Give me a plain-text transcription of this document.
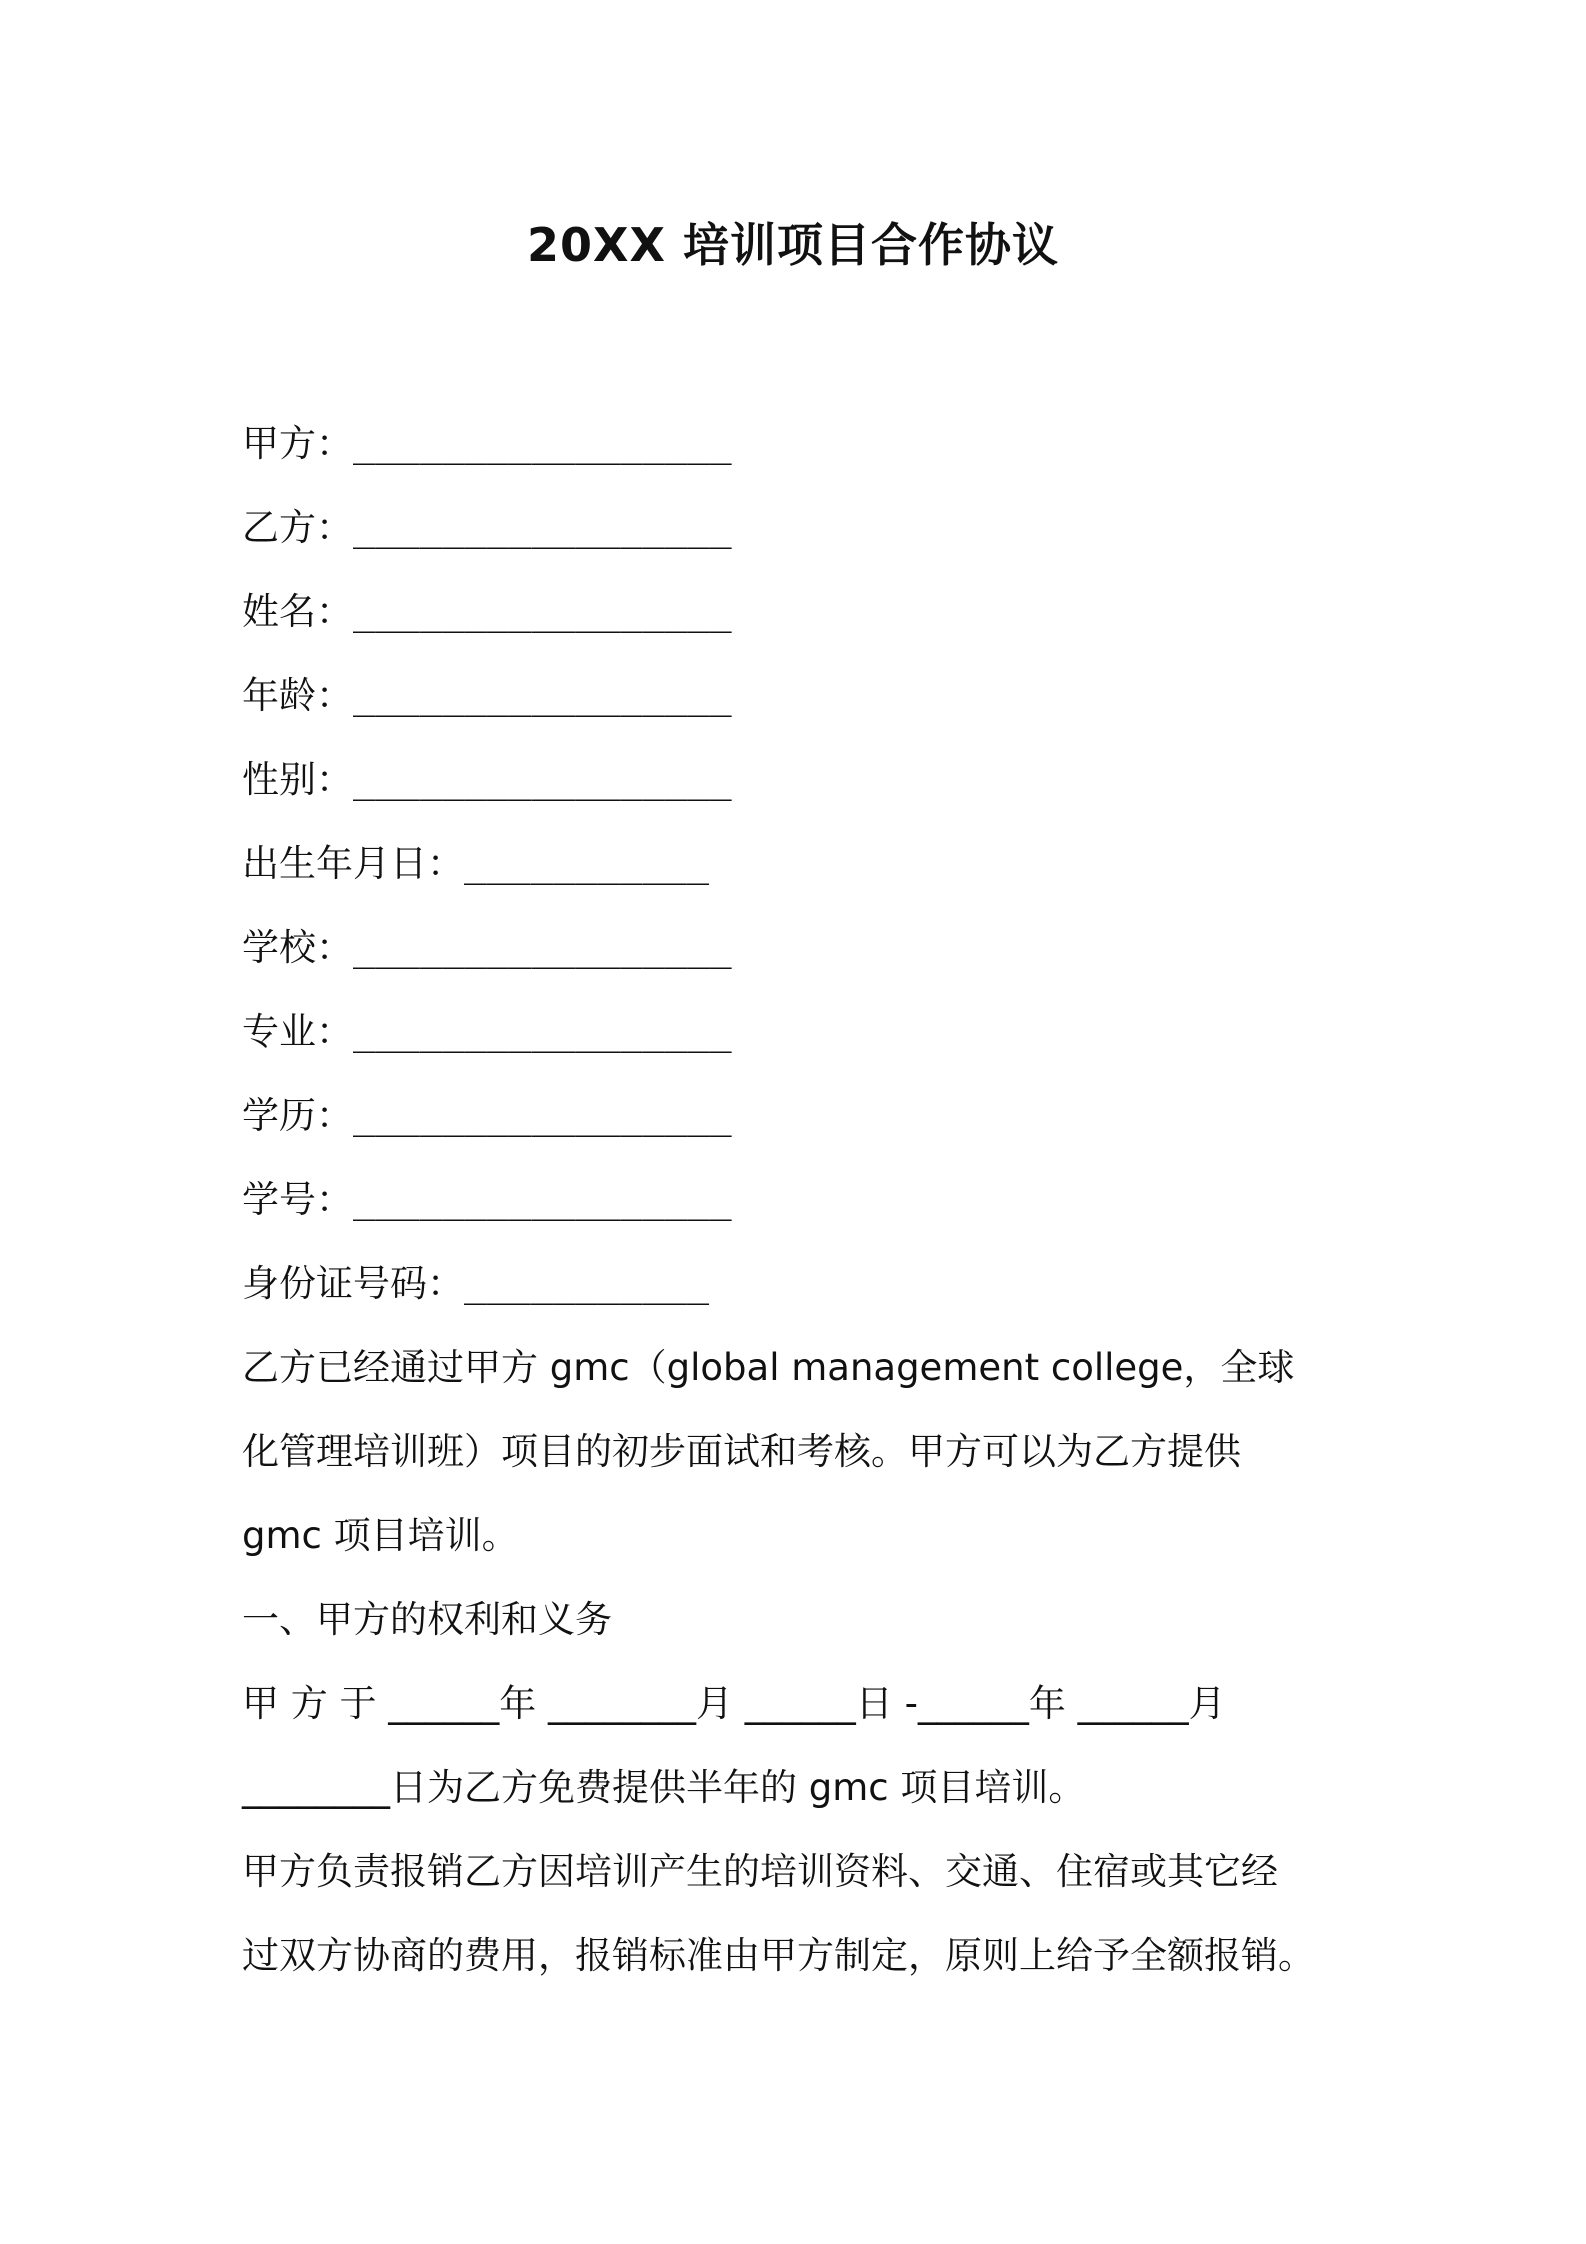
20XX 培训项目合作协议
甲方：_________________
乙方：_________________
姓名：_________________
年龄：_________________
性别：_________________
出生年月日：___________
学校：_________________
专业：_________________
学历：_________________
学号：_________________
身份证号码：___________
乙方已经通过甲方 gmc（global management college，全球
化管理培训班）项目的初步面试和考核。甲方可以为乙方提供
gmc 项目培训。
一、甲方的权利和义务
甲 方 于 ______年 ________月 ______日 -______年 ______月
________日为乙方免费提供半年的 gmc 项目培训。
甲方负责报销乙方因培训产生的培训资料、交通、住宿或其它经
过双方协商的费用，报销标准由甲方制定，原则上给予全额报销。
